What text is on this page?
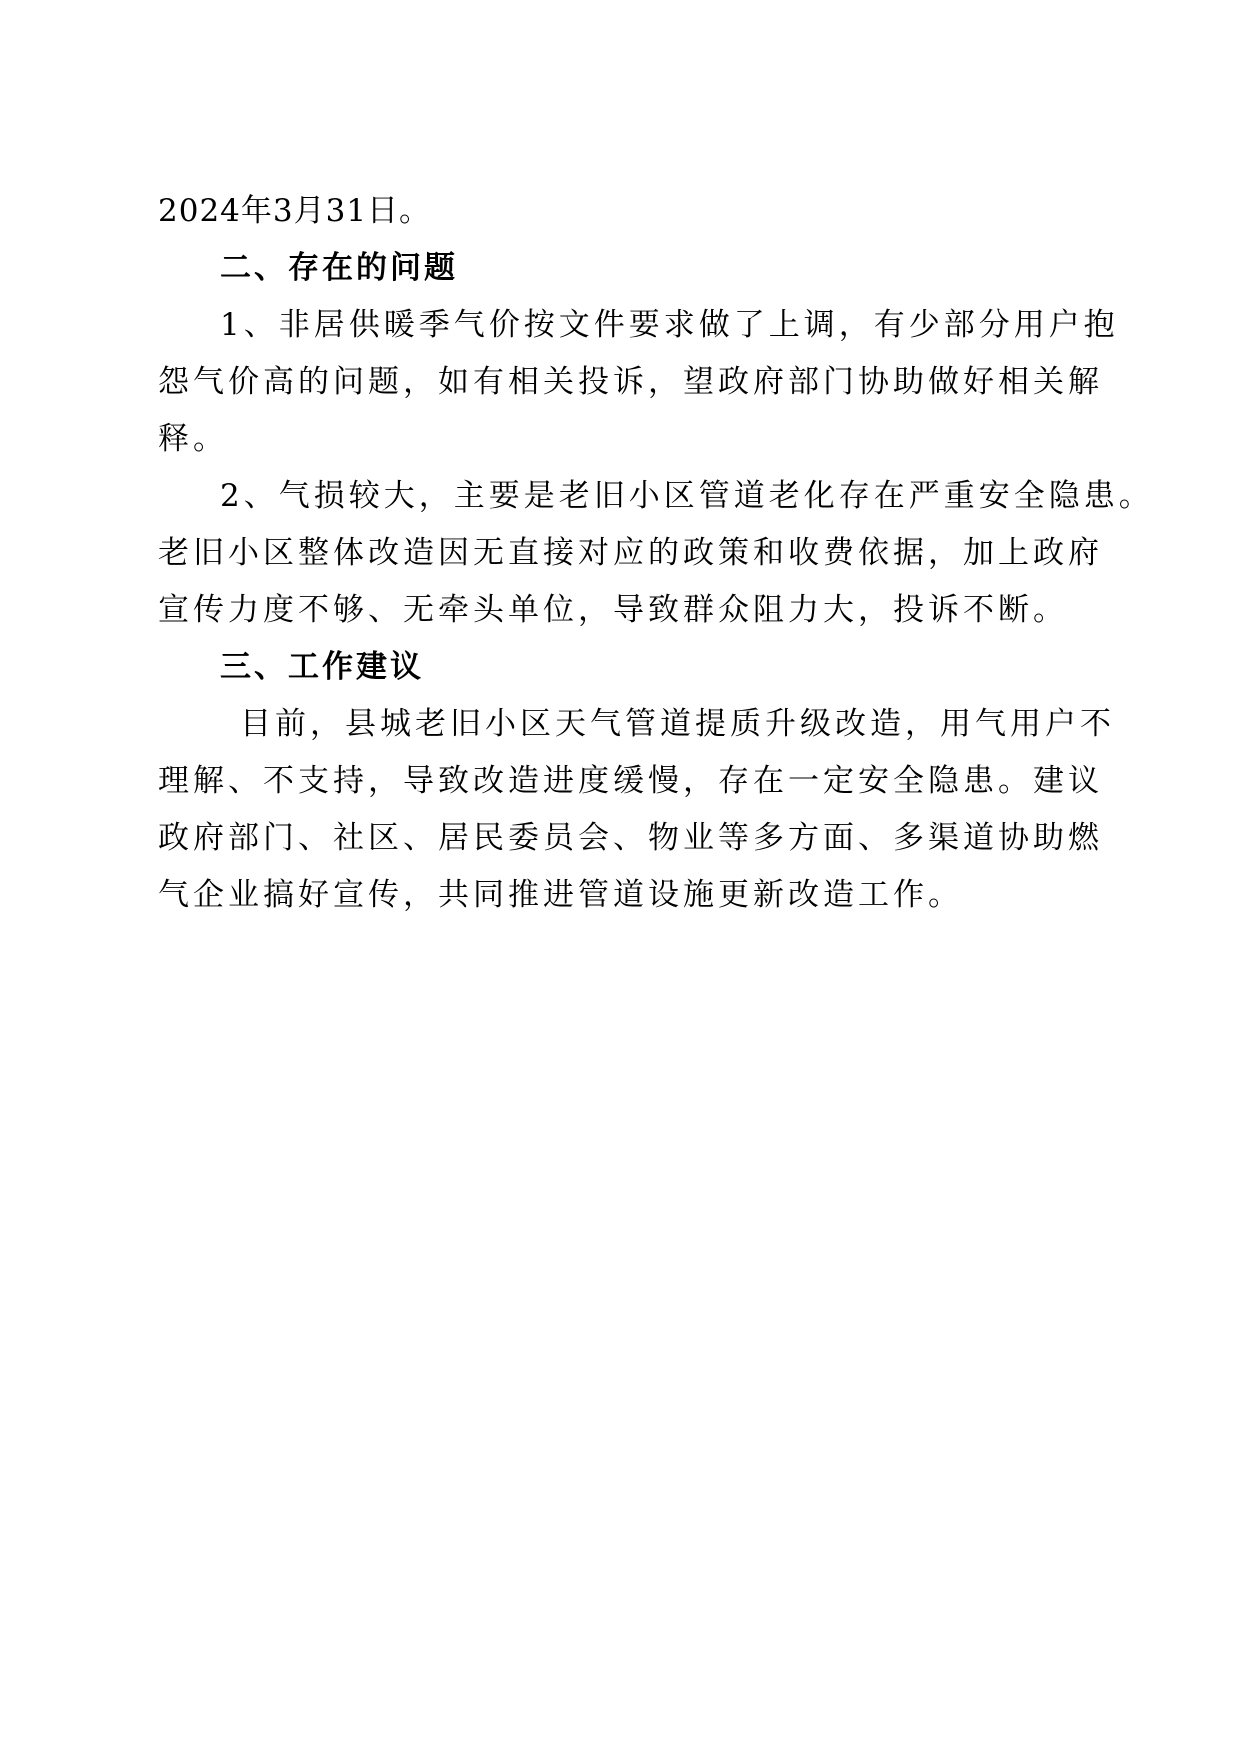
2024年3月31日。
二、存在的问题
1、非居供暖季气价按文件要求做了上调，有少部分用户抱
怨气价高的问题，如有相关投诉，望政府部门协助做好相关解
释。
2、气损较大，主要是老旧小区管道老化存在严重安全隐患。
老旧小区整体改造因无直接对应的政策和收费依据，加上政府
宣传力度不够、无牵头单位，导致群众阻力大，投诉不断。
三、工作建议
目前，县城老旧小区天气管道提质升级改造，用气用户不
理解、不支持，导致改造进度缓慢，存在一定安全隐患。建议
政府部门、社区、居民委员会、物业等多方面、多渠道协助燃
气企业搞好宣传，共同推进管道设施更新改造工作。
